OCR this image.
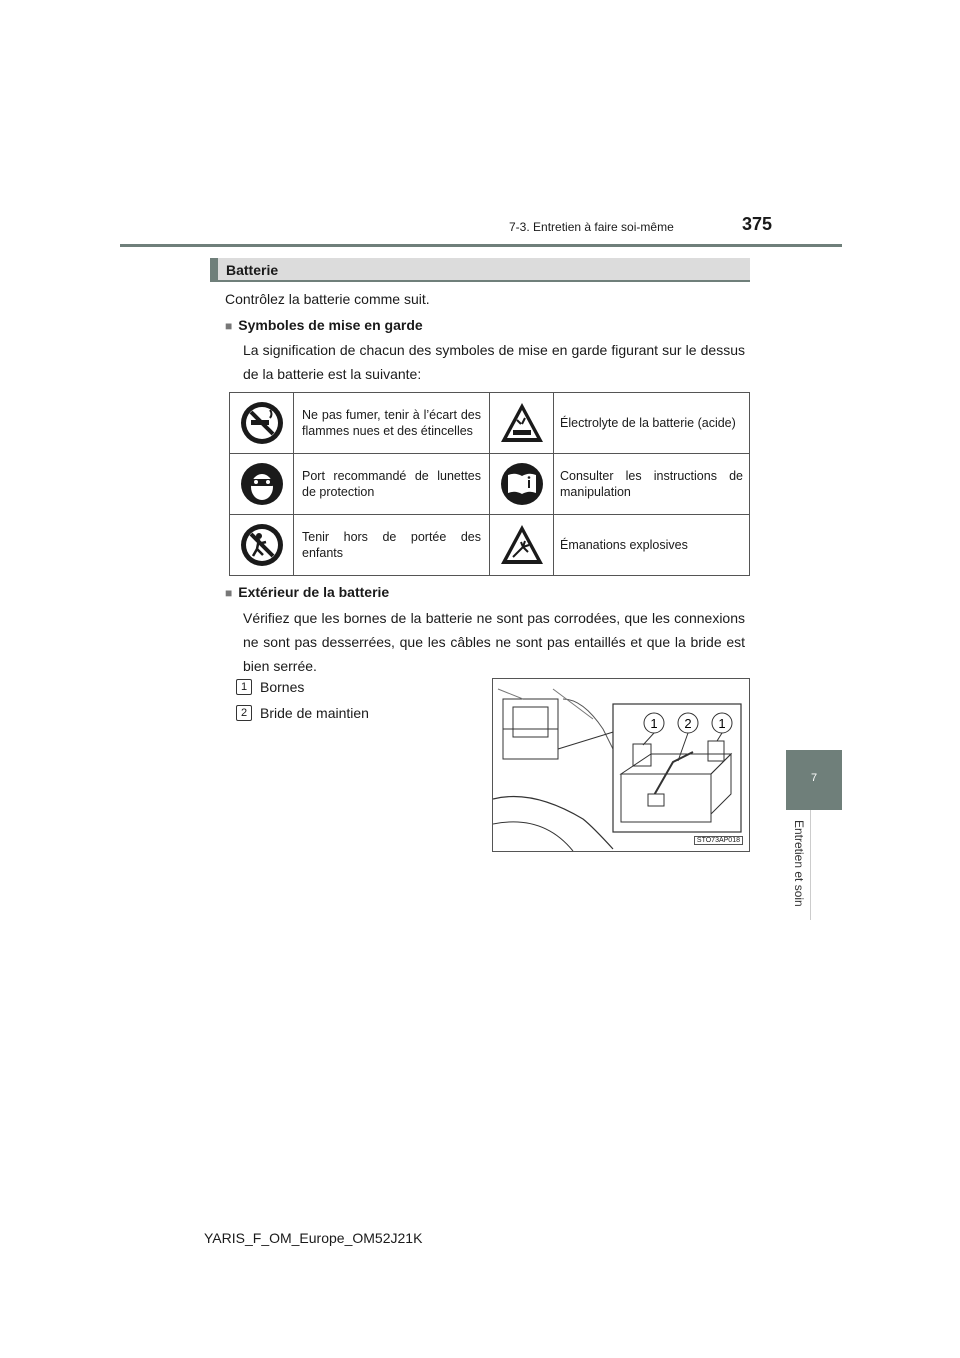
7-3. Entretien à faire soi-même	375
7
Entretien et soin
Batterie
Contrôlez la batterie comme suit.
■ Symboles de mise en garde
La signification de chacun des symboles de mise en garde figurant sur le dessus de la batterie est la suivante:
	Ne pas fumer, tenir à l’écart des flammes nues et des étincelles		Électrolyte de la batterie (acide)
	Port recommandé de lunettes de protection		Consulter les instructions de manipulation
	Tenir hors de portée des enfants		Émanations explosives
■ Extérieur de la batterie
Vérifiez que les bornes de la batterie ne sont pas corrodées, que les connexions ne sont pas desserrées, que les câbles ne sont pas entaillés et que la bride est bien serrée.
1 Bornes
2 Bride de maintien
1 2 1
STO73AP018
YARIS_F_OM_Europe_OM52J21K
